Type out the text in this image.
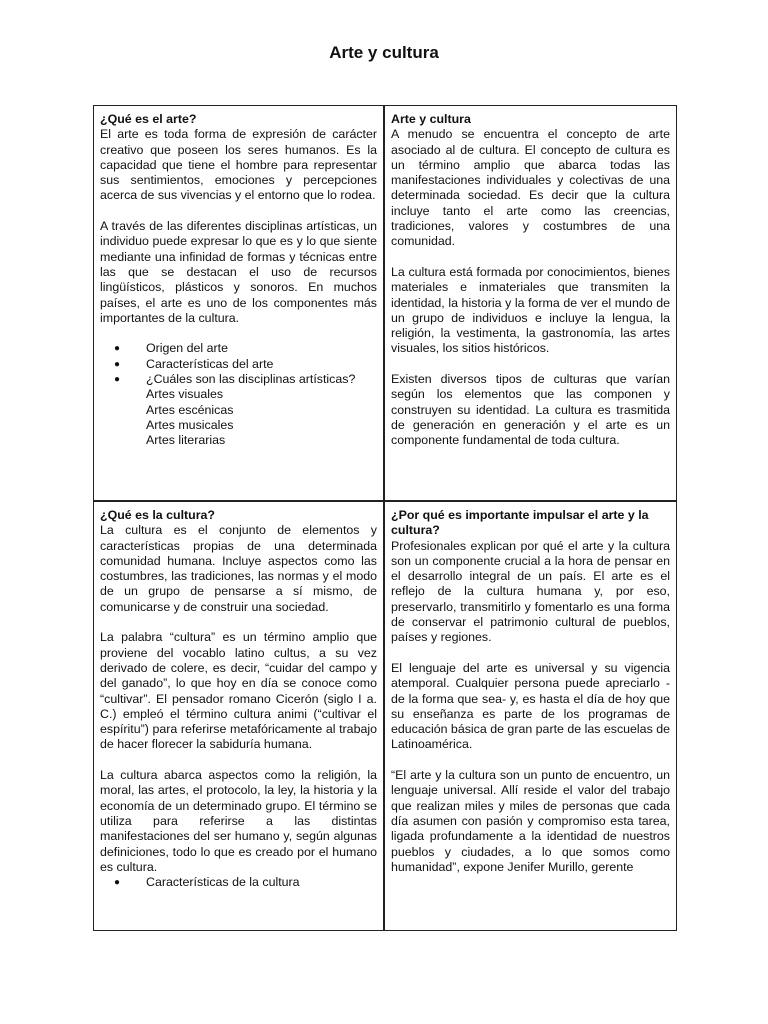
Arte y cultura
¿Qué es el arte?

El arte es toda forma de expresión de carácter creativo que poseen los seres humanos. Es la capacidad que tiene el hombre para representar sus sentimientos, emociones y percepciones acerca de sus vivencias y el entorno que lo rodea.

A través de las diferentes disciplinas artísticas, un individuo puede expresar lo que es y lo que siente mediante una infinidad de formas y técnicas entre las que se destacan el uso de recursos lingüísticos, plásticos y sonoros. En muchos países, el arte es uno de los componentes más importantes de la cultura.

● Origen del arte
● Características del arte
● ¿Cuáles son las disciplinas artísticas?
Artes visuales
Artes escénicas
Artes musicales
Artes literarias
Arte y cultura

A menudo se encuentra el concepto de arte asociado al de cultura. El concepto de cultura es un término amplio que abarca todas las manifestaciones individuales y colectivas de una determinada sociedad. Es decir que la cultura incluye tanto el arte como las creencias, tradiciones, valores y costumbres de una comunidad.

La cultura está formada por conocimientos, bienes materiales e inmateriales que transmiten la identidad, la historia y la forma de ver el mundo de un grupo de individuos e incluye la lengua, la religión, la vestimenta, la gastronomía, las artes visuales, los sitios históricos.

Existen diversos tipos de culturas que varían según los elementos que las componen y construyen su identidad. La cultura es trasmitida de generación en generación y el arte es un componente fundamental de toda cultura.

¿Qué es la cultura?

La cultura es el conjunto de elementos y características propias de una determinada comunidad humana. Incluye aspectos como las costumbres, las tradiciones, las normas y el modo de un grupo de pensarse a sí mismo, de comunicarse y de construir una sociedad.

La palabra “cultura” es un término amplio que proviene del vocablo latino cultus, a su vez derivado de colere, es decir, “cuidar del campo y del ganado”, lo que hoy en día se conoce como “cultivar”. El pensador romano Cicerón (siglo I a. C.) empleó el término cultura animi (“cultivar el espíritu”) para referirse metafóricamente al trabajo de hacer florecer la sabiduría humana.

La cultura abarca aspectos como la religión, la moral, las artes, el protocolo, la ley, la historia y la economía de un determinado grupo. El término se utiliza para referirse a las distintas manifestaciones del ser humano y, según algunas definiciones, todo lo que es creado por el humano es cultura.

● Características de la cultura
¿Por qué es importante impulsar el arte y la cultura?

Profesionales explican por qué el arte y la cultura son un componente crucial a la hora de pensar en el desarrollo integral de un país. El arte es el reflejo de la cultura humana y, por eso, preservarlo, transmitirlo y fomentarlo es una forma de conservar el patrimonio cultural de pueblos, países y regiones.

El lenguaje del arte es universal y su vigencia atemporal. Cualquier persona puede apreciarlo -de la forma que sea- y, es hasta el día de hoy que su enseñanza es parte de los programas de educación básica de gran parte de las escuelas de Latinoamérica.

“El arte y la cultura son un punto de encuentro, un lenguaje universal. Allí reside el valor del trabajo que realizan miles y miles de personas que cada día asumen con pasión y compromiso esta tarea, ligada profundamente a la identidad de nuestros pueblos y ciudades, a lo que somos como humanidad”, expone Jenifer Murillo, gerente
